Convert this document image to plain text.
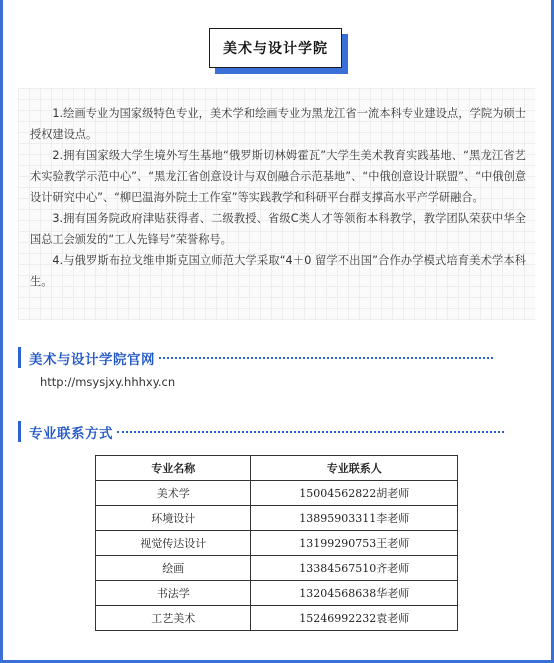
美术与设计学院

1.绘画专业为国家级特色专业，美术学和绘画专业为黑龙江省一流本科专业建设点，学院为硕士授权建设点。

2.拥有国家级大学生境外写生基地“俄罗斯切林姆霍瓦”大学生美术教育实践基地、“黑龙江省艺术实验教学示范中心”、“黑龙江省创意设计与双创融合示范基地”、“中俄创意设计联盟”、“中俄创意设计研究中心”、“柳巴温海外院士工作室”等实践教学和科研平台群支撑高水平产学研融合。

3.拥有国务院政府津贴获得者、二级教授、省级C类人才等领衔本科教学，教学团队荣获中华全国总工会颁发的“工人先锋号”荣誉称号。

4.与俄罗斯布拉戈维申斯克国立师范大学采取“4＋0 留学不出国”合作办学模式培育美术学本科生。

美术与设计学院官网
http://msysjxy.hhhxy.cn
专业联系方式
专业名称	专业联系人
美术学	15004562822胡老师
环境设计	13895903311李老师
视觉传达设计	13199290753王老师
绘画	13384567510齐老师
书法学	13204568638华老师
工艺美术	15246992232袁老师
